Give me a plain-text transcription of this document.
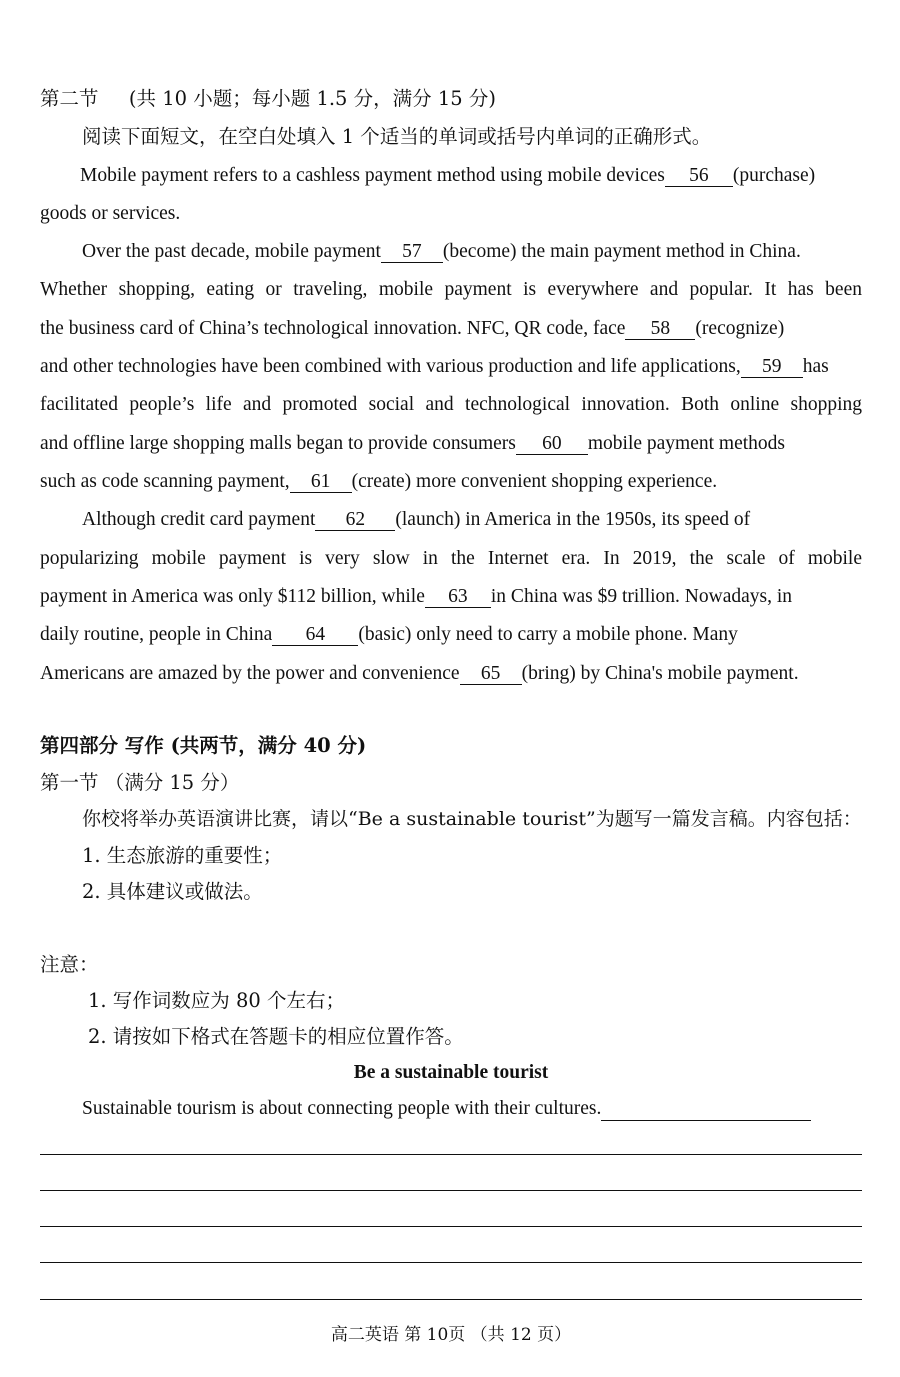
第二节 (共 10 小题；每小题 1.5 分，满分 15 分)
阅读下面短文，在空白处填入 1 个适当的单词或括号内单词的正确形式。
Mobile payment refers to a cashless payment method using mobile devices 56 (purchase)
goods or services.
Over the past decade, mobile payment 57 (become) the main payment method in China.
Whether shopping, eating or traveling, mobile payment is everywhere and popular. It has been
the business card of China’s technological innovation. NFC, QR code, face 58 (recognize)
and other technologies have been combined with various production and life applications, 59 has
facilitated people’s life and promoted social and technological innovation. Both online shopping
and offline large shopping malls began to provide consumers 60 mobile payment methods
such as code scanning payment, 61 (create) more convenient shopping experience.
Although credit card payment 62 (launch) in America in the 1950s, its speed of
popularizing mobile payment is very slow in the Internet era. In 2019, the scale of mobile
payment in America was only $112 billion, while 63 in China was $9 trillion. Nowadays, in
daily routine, people in China 64 (basic) only need to carry a mobile phone. Many
Americans are amazed by the power and convenience 65 (bring) by China's mobile payment.
第四部分 写作 (共两节，满分 40 分)
第一节 （满分 15 分）
你校将举办英语演讲比赛，请以“Be a sustainable tourist”为题写一篇发言稿。内容包括：
1. 生态旅游的重要性；
2. 具体建议或做法。
注意：
1. 写作词数应为 80 个左右；
2. 请按如下格式在答题卡的相应位置作答。
Be a sustainable tourist
Sustainable tourism is about connecting people with their cultures.
高二英语 第 10页 （共 12 页）
